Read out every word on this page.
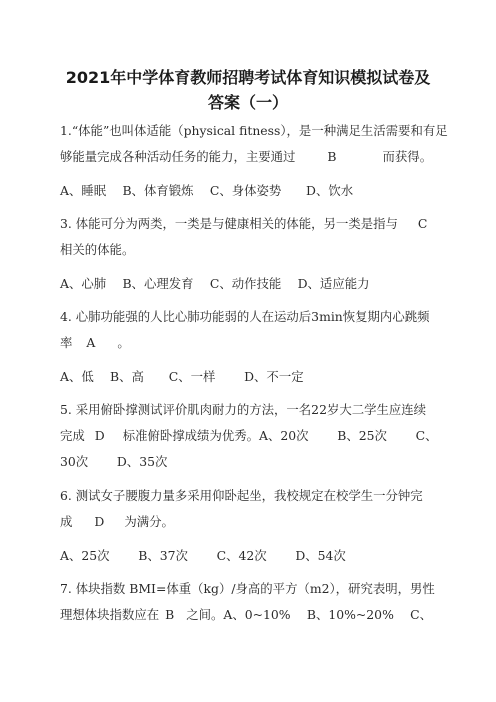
2021年中学体育教师招聘考试体育知识模拟试卷及
答案（一）
1.“体能”也叫体适能（physical fitness），是一种满足生活需要和有足
够能量完成各种活动任务的能力，主要通过	B	而获得。
A、睡眠　 B、体育锻炼　 C、身体姿势　　D、饮水
3. 体能可分为两类，一类是与健康相关的体能，另一类是指与 C
相关的体能。
A、心肺　 B、心理发育　 C、动作技能　 D、适应能力
4. 心肺功能强的人比心肺功能弱的人在运动后3min恢复期内心跳频
率 A 。
A、低　 B、高　　C、一样　　 D、不一定
5. 采用俯卧撑测试评价肌肉耐力的方法，一名22岁大二学生应连续
完成 D 标准俯卧撑成绩为优秀。A、20次　　 B、25次　　 C、
30次　　 D、35次
6. 测试女子腰腹力量多采用仰卧起坐，我校规定在校学生一分钟完
成 D 为满分。
A、25次　　 B、37次　　 C、42次　　 D、54次
7. 体块指数 BMI=体重（kg）/身高的平方（m2），研究表明，男性
理想体块指数应在 B 之间。A、0~10%　 B、10%~20%　 C、
